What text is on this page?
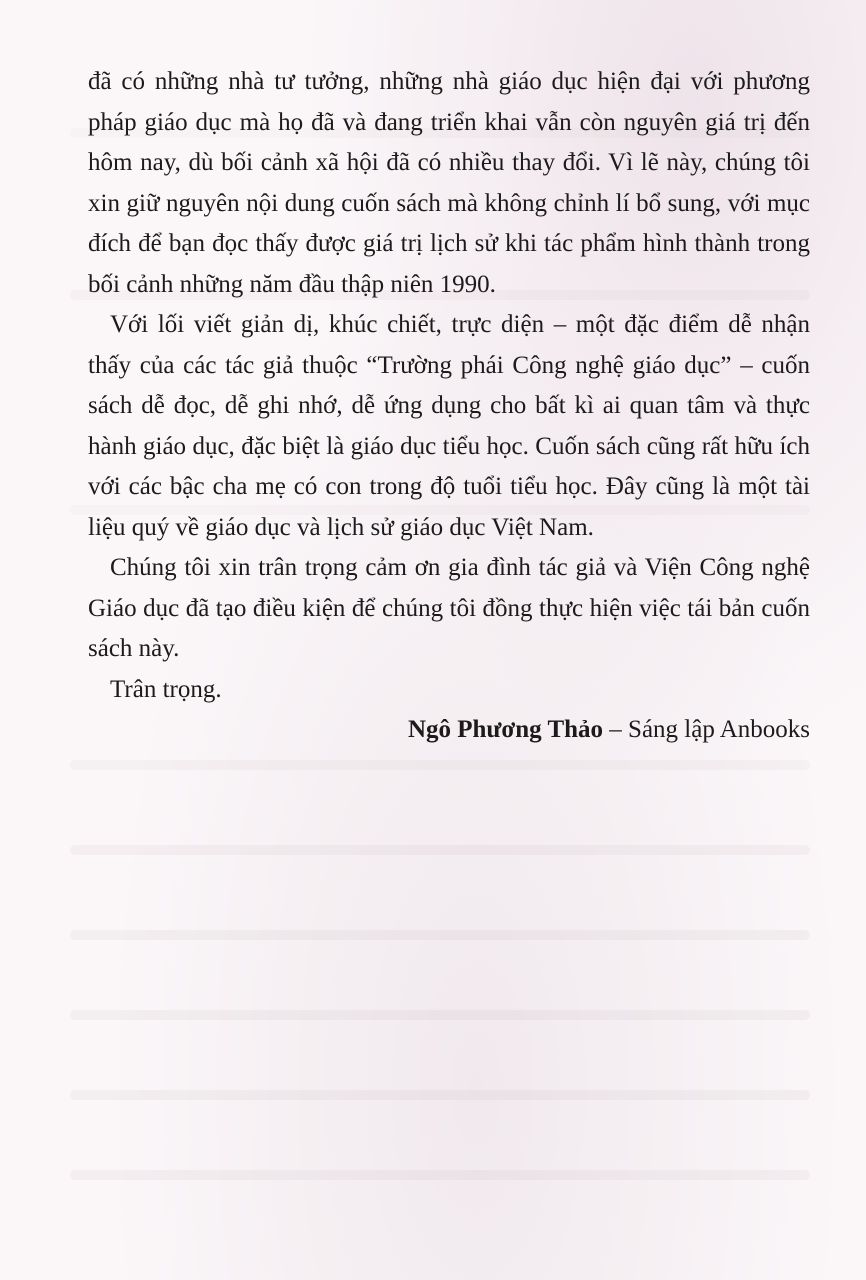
đã có những nhà tư tưởng, những nhà giáo dục hiện đại với phương pháp giáo dục mà họ đã và đang triển khai vẫn còn nguyên giá trị đến hôm nay, dù bối cảnh xã hội đã có nhiều thay đổi. Vì lẽ này, chúng tôi xin giữ nguyên nội dung cuốn sách mà không chỉnh lí bổ sung, với mục đích để bạn đọc thấy được giá trị lịch sử khi tác phẩm hình thành trong bối cảnh những năm đầu thập niên 1990.

Với lối viết giản dị, khúc chiết, trực diện – một đặc điểm dễ nhận thấy của các tác giả thuộc “Trường phái Công nghệ giáo dục” – cuốn sách dễ đọc, dễ ghi nhớ, dễ ứng dụng cho bất kì ai quan tâm và thực hành giáo dục, đặc biệt là giáo dục tiểu học. Cuốn sách cũng rất hữu ích với các bậc cha mẹ có con trong độ tuổi tiểu học. Đây cũng là một tài liệu quý về giáo dục và lịch sử giáo dục Việt Nam.

Chúng tôi xin trân trọng cảm ơn gia đình tác giả và Viện Công nghệ Giáo dục đã tạo điều kiện để chúng tôi đồng thực hiện việc tái bản cuốn sách này.

Trân trọng.

Ngô Phương Thảo – Sáng lập Anbooks
